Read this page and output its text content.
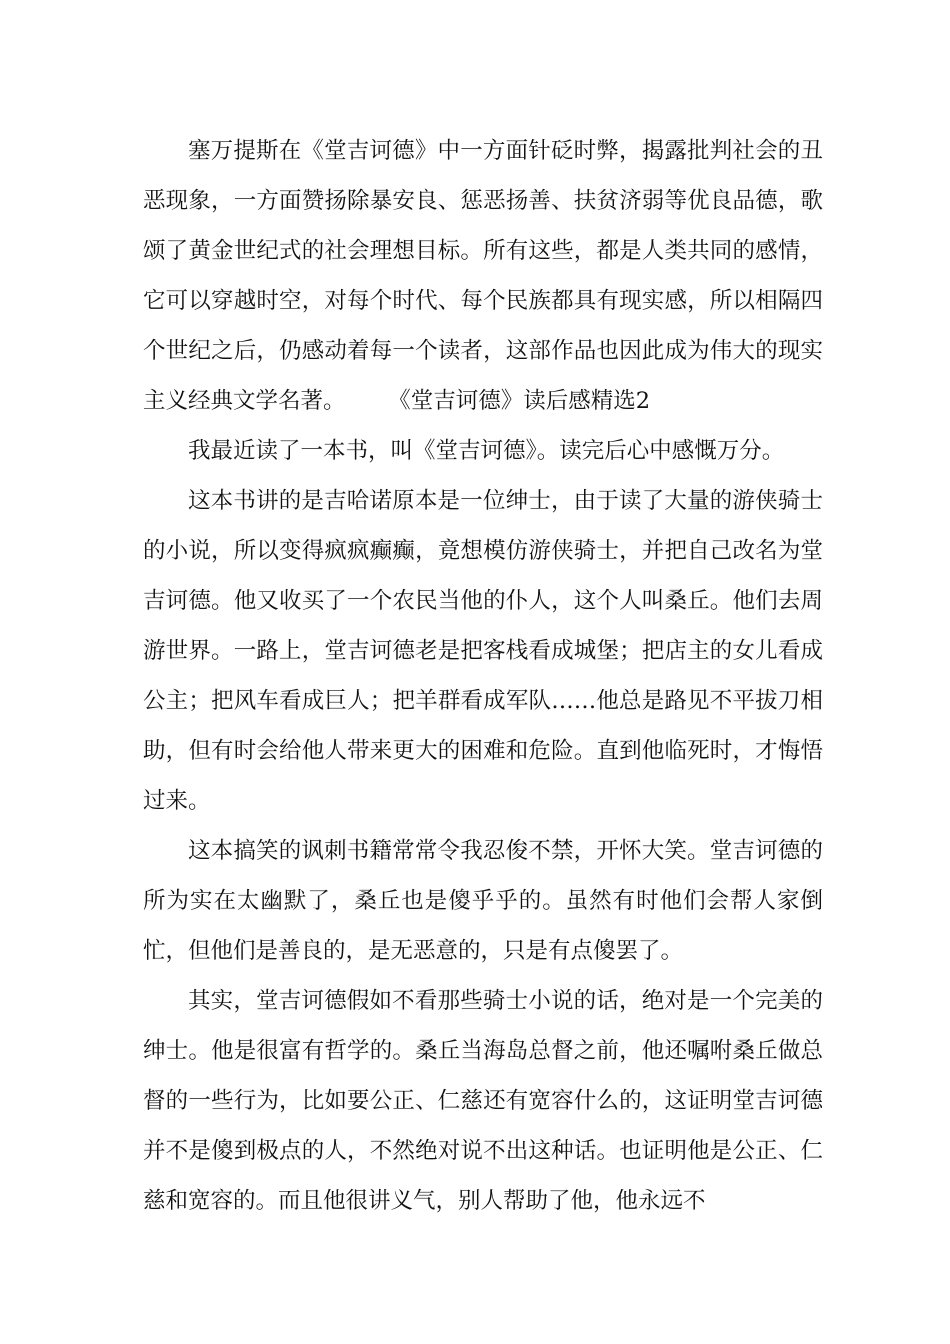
塞万提斯在《堂吉诃德》中一方面针砭时弊，揭露批判社会的丑恶现象，一方面赞扬除暴安良、惩恶扬善、扶贫济弱等优良品德，歌颂了黄金世纪式的社会理想目标。所有这些，都是人类共同的感情，它可以穿越时空，对每个时代、每个民族都具有现实感，所以相隔四个世纪之后，仍感动着每一个读者，这部作品也因此成为伟大的现实主义经典文学名著。 《堂吉诃德》读后感精选2

我最近读了一本书，叫《堂吉诃德》。读完后心中感慨万分。

这本书讲的是吉哈诺原本是一位绅士，由于读了大量的游侠骑士的小说，所以变得疯疯癫癫，竟想模仿游侠骑士，并把自己改名为堂吉诃德。他又收买了一个农民当他的仆人，这个人叫桑丘。他们去周游世界。一路上，堂吉诃德老是把客栈看成城堡；把店主的女儿看成公主；把风车看成巨人；把羊群看成军队……他总是路见不平拔刀相助，但有时会给他人带来更大的困难和危险。直到他临死时，才悔悟过来。

这本搞笑的讽刺书籍常常令我忍俊不禁，开怀大笑。堂吉诃德的所为实在太幽默了，桑丘也是傻乎乎的。虽然有时他们会帮人家倒忙，但他们是善良的，是无恶意的，只是有点傻罢了。

其实，堂吉诃德假如不看那些骑士小说的话，绝对是一个完美的绅士。他是很富有哲学的。桑丘当海岛总督之前，他还嘱咐桑丘做总督的一些行为，比如要公正、仁慈还有宽容什么的，这证明堂吉诃德并不是傻到极点的人，不然绝对说不出这种话。也证明他是公正、仁慈和宽容的。而且他很讲义气，别人帮助了他，他永远不
